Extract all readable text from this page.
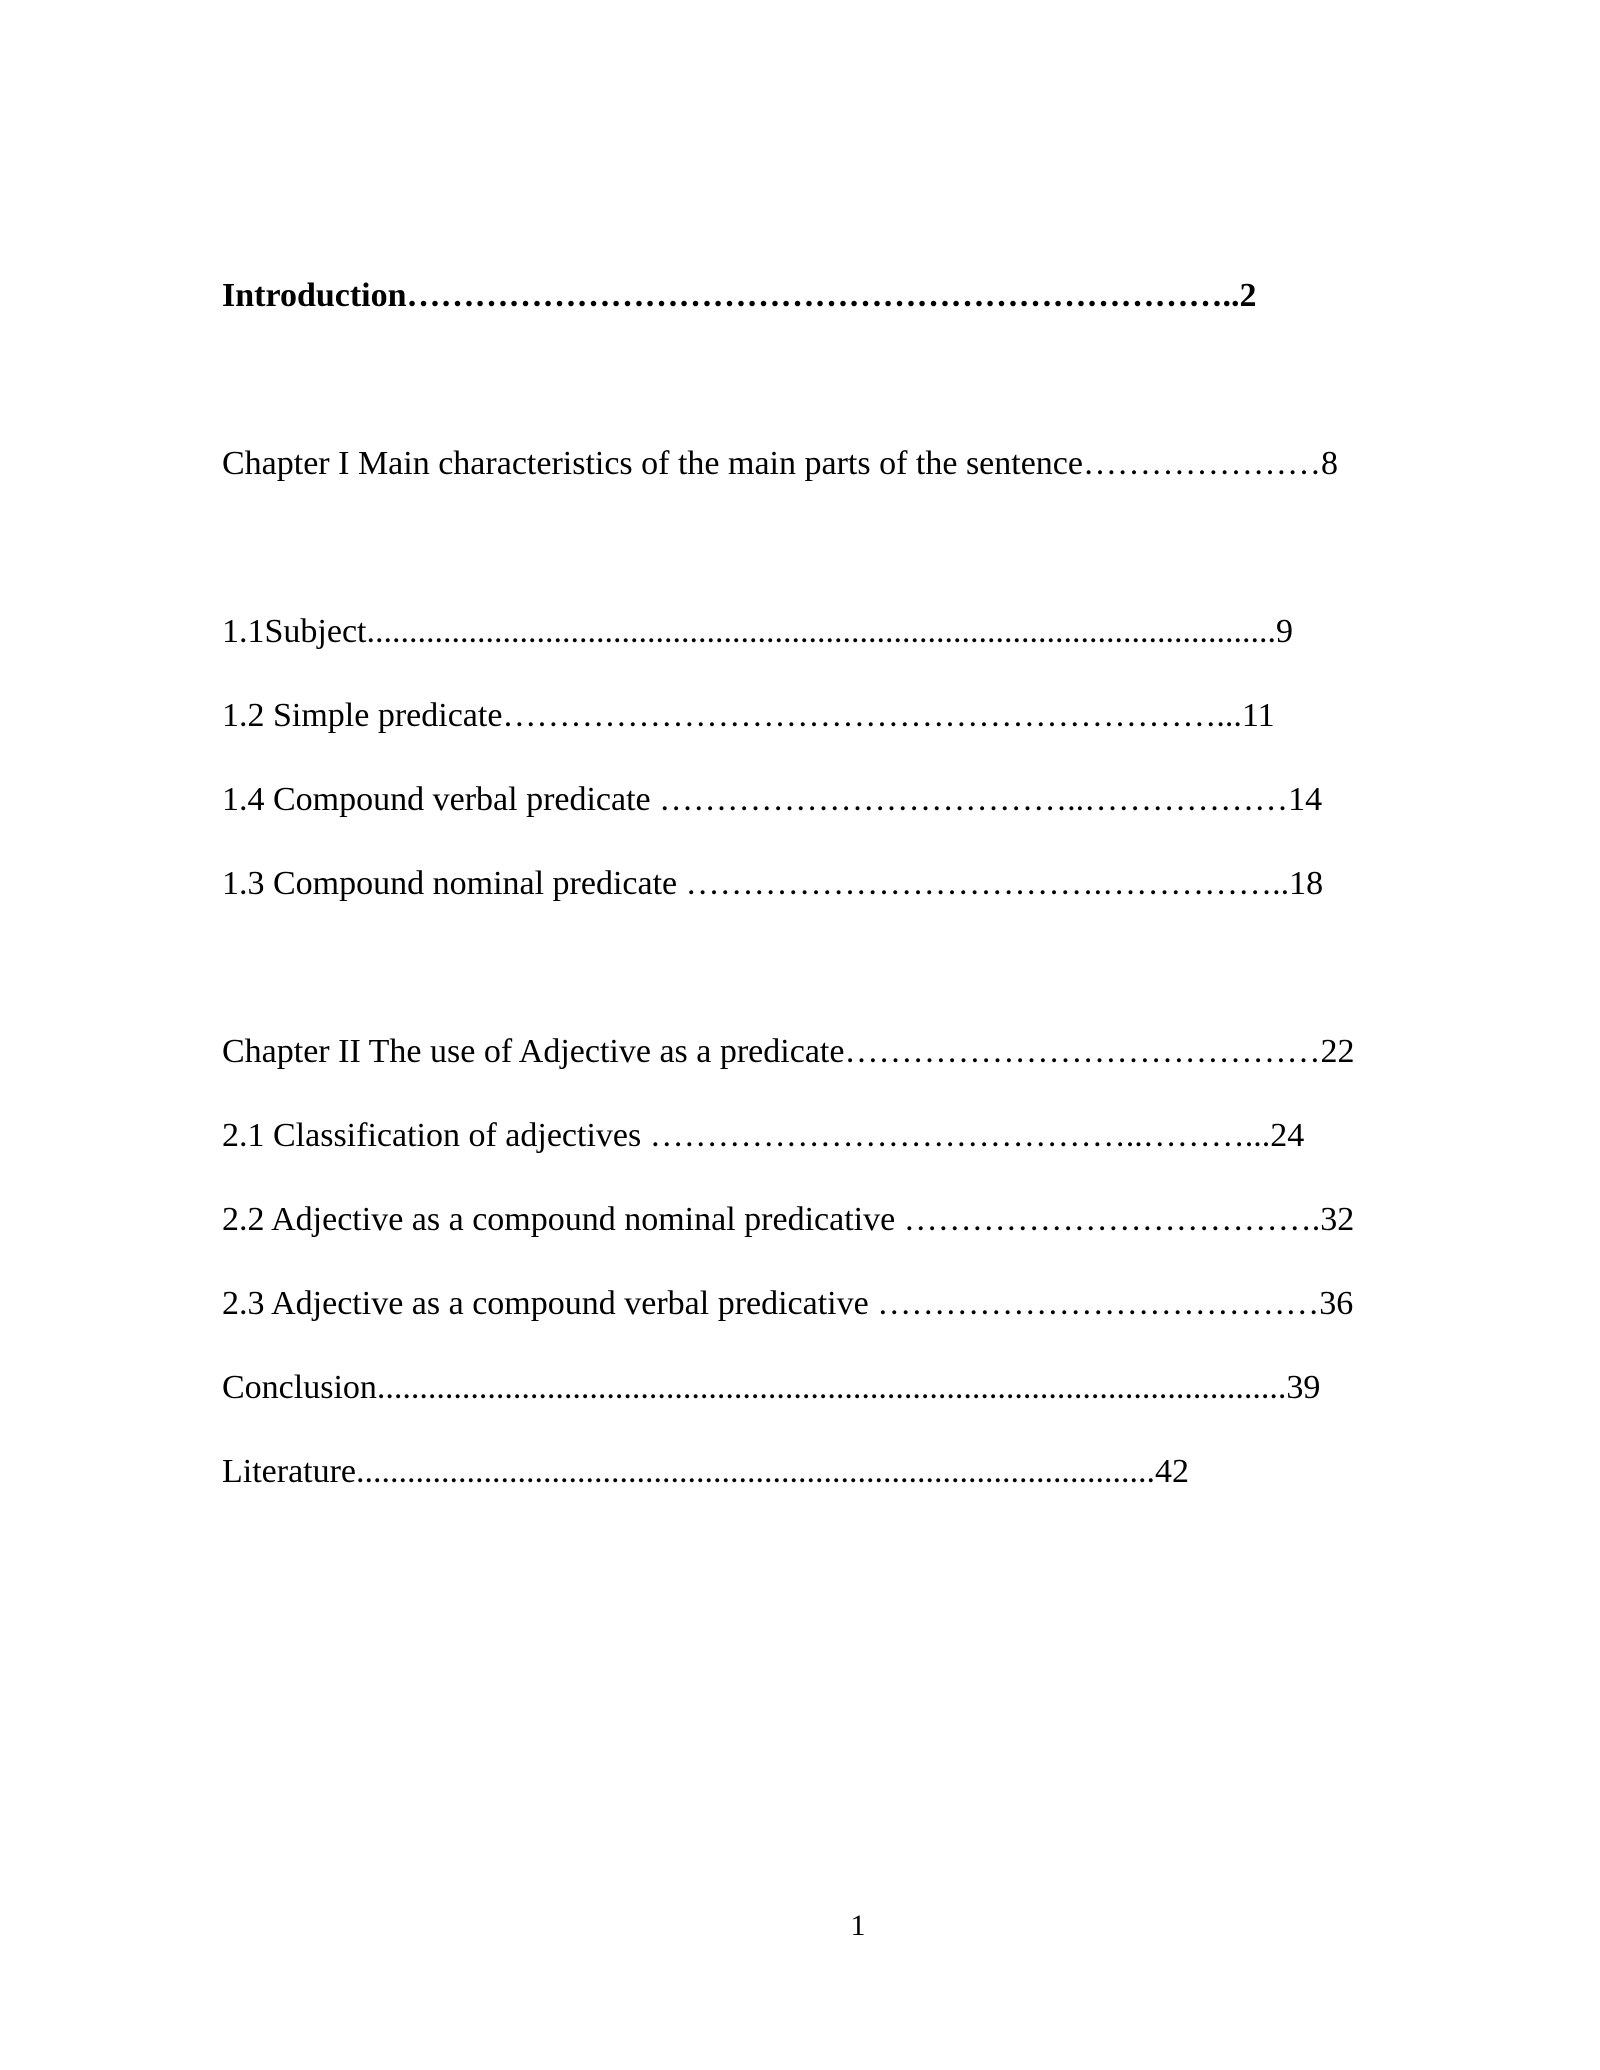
Introduction………………………………………………………………..2
Chapter I Main characteristics of the main parts of the sentence…………………8
1.1Subject...........................................................................................................9
1.2 Simple predicate………………………………………………………...11
1.4 Compound verbal predicate ………………………………..………………14
1.3 Compound nominal predicate ……………………………….……………..18
Chapter II The use of Adjective as a predicate……………………………………22
2.1 Classification of adjectives ……………………………………..………...24
2.2 Adjective as a compound nominal predicative ……………………………….32
2.3 Adjective as a compound verbal predicative …………………………………36
Conclusion...........................................................................................................39
Literature..............................................................................................42
1
